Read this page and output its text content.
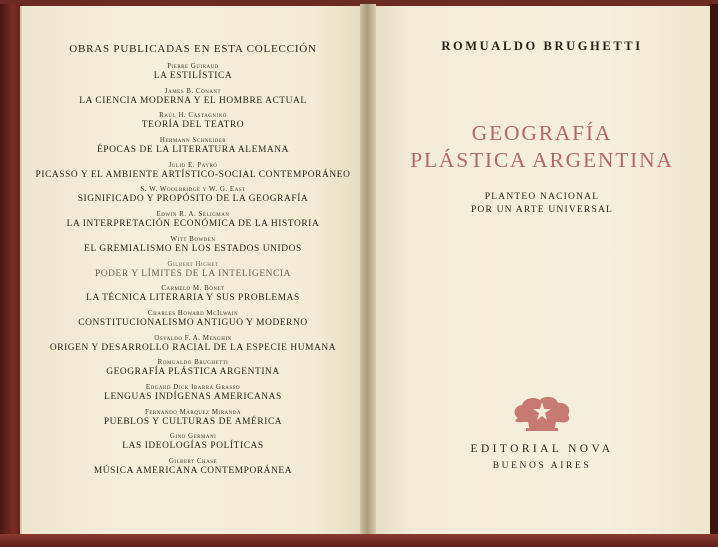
OBRAS PUBLICADAS EN ESTA COLECCIÓN
Pierre Guiraud
LA ESTILÍSTICA
James B. Conant
LA CIENCIA MODERNA Y EL HOMBRE ACTUAL
Raúl H. Castagnino
TEORÍA DEL TEATRO
Hermann Schneider
ÉPOCAS DE LA LITERATURA ALEMANA
Julio E. Payró
PICASSO Y EL AMBIENTE ARTÍSTICO-SOCIAL CONTEMPORÁNEO
S. W. Woolbridge y W. G. East
SIGNIFICADO Y PROPÓSITO DE LA GEOGRAFÍA
Edwin R. A. Seligman
LA INTERPRETACIÓN ECONÓMICA DE LA HISTORIA
Witt Bowden
EL GREMIALISMO EN LOS ESTADOS UNIDOS
Gilbert Highet
PODER Y LÍMITES DE LA INTELIGENCIA
Carmelo M. Bonet
LA TÉCNICA LITERARIA Y SUS PROBLEMAS
Charles Howard McIlwain
CONSTITUCIONALISMO ANTIGUO Y MODERNO
Osvaldo F. A. Menghin
ORIGEN Y DESARROLLO RACIAL DE LA ESPECIE HUMANA
Romualdo Brughetti
GEOGRAFÍA PLÁSTICA ARGENTINA
Edgard Dick Ibarra Grasso
LENGUAS INDÍGENAS AMERICANAS
Fernando Márquez Miranda
PUEBLOS Y CULTURAS DE AMÉRICA
Gino Germani
LAS IDEOLOGÍAS POLÍTICAS
Gilbert Chase
MÚSICA AMERICANA CONTEMPORÁNEA
ROMUALDO BRUGHETTI
GEOGRAFÍA
PLÁSTICA ARGENTINA
PLANTEO NACIONAL
POR UN ARTE UNIVERSAL
EDITORIAL NOVA
BUENOS AIRES
